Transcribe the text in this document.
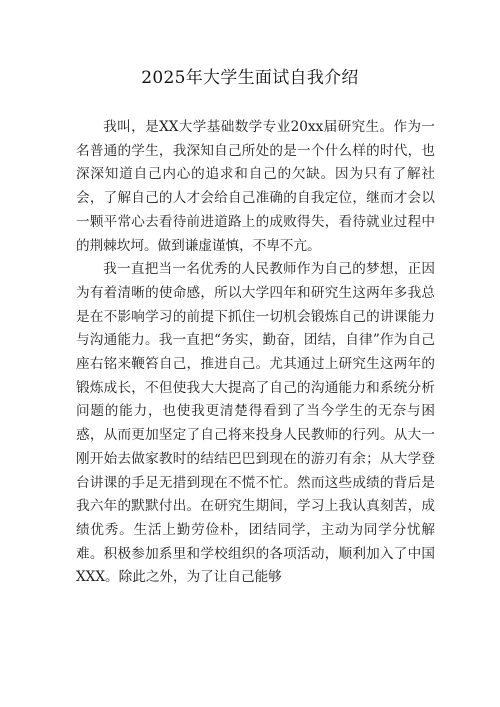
2025年大学生面试自我介绍

我叫，是XX大学基础数学专业20xx届研究生。作为一名普通的学生，我深知自己所处的是一个什么样的时代，也深深知道自己内心的追求和自己的欠缺。因为只有了解社会，了解自己的人才会给自己准确的自我定位，继而才会以一颗平常心去看待前进道路上的成败得失，看待就业过程中的荆棘坎坷。做到谦虚谨慎，不卑不亢。

我一直把当一名优秀的人民教师作为自己的梦想，正因为有着清晰的使命感，所以大学四年和研究生这两年多我总是在不影响学习的前提下抓住一切机会锻炼自己的讲课能力与沟通能力。我一直把“务实，勤奋，团结，自律”作为自己座右铭来鞭笞自己，推进自己。尤其通过上研究生这两年的锻炼成长，不但使我大大提高了自己的沟通能力和系统分析问题的能力，也使我更清楚得看到了当今学生的无奈与困惑，从而更加坚定了自己将来投身人民教师的行列。从大一刚开始去做家教时的结结巴巴到现在的游刃有余；从大学登台讲课的手足无措到现在不慌不忙。然而这些成绩的背后是我六年的默默付出。在研究生期间，学习上我认真刻苦，成绩优秀。生活上勤劳俭朴，团结同学，主动为同学分忧解难。积极参加系里和学校组织的各项活动，顺利加入了中国XXX。除此之外，为了让自己能够
